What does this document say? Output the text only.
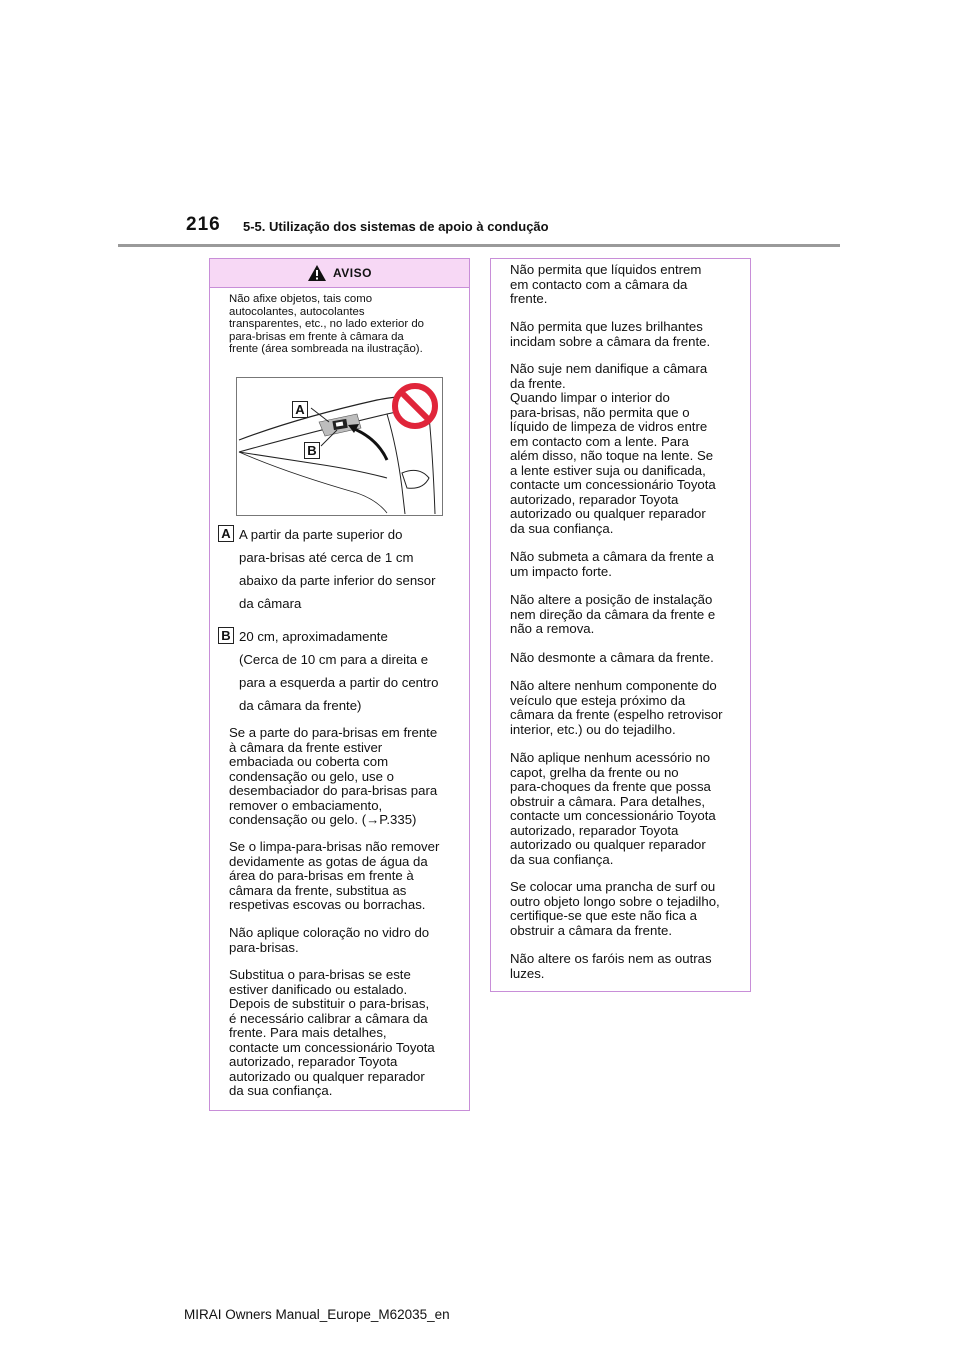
216 5-5. Utilização dos sistemas de apoio à condução
AVISO
Não afixe objetos, tais como
autocolantes, autocolantes
transparentes, etc., no lado exterior do
para-brisas em frente à câmara da
frente (área sombreada na ilustração).
A
B
A A partir da parte superior do
para-brisas até cerca de 1 cm
abaixo da parte inferior do sensor
da câmara
B 20 cm, aproximadamente
(Cerca de 10 cm para a direita e
para a esquerda a partir do centro
da câmara da frente)
Se a parte do para-brisas em frente
à câmara da frente estiver
embaciada ou coberta com
condensação ou gelo, use o
desembaciador do para-brisas para
remover o embaciamento,
condensação ou gelo. (→P.335)
Se o limpa-para-brisas não remover
devidamente as gotas de água da
área do para-brisas em frente à
câmara da frente, substitua as
respetivas escovas ou borrachas.
Não aplique coloração no vidro do
para-brisas.
Substitua o para-brisas se este
estiver danificado ou estalado.
Depois de substituir o para-brisas,
é necessário calibrar a câmara da
frente. Para mais detalhes,
contacte um concessionário Toyota
autorizado, reparador Toyota
autorizado ou qualquer reparador
da sua confiança.
Não permita que líquidos entrem
em contacto com a câmara da
frente.
Não permita que luzes brilhantes
incidam sobre a câmara da frente.
Não suje nem danifique a câmara
da frente.
Quando limpar o interior do
para-brisas, não permita que o
líquido de limpeza de vidros entre
em contacto com a lente. Para
além disso, não toque na lente. Se
a lente estiver suja ou danificada,
contacte um concessionário Toyota
autorizado, reparador Toyota
autorizado ou qualquer reparador
da sua confiança.
Não submeta a câmara da frente a
um impacto forte.
Não altere a posição de instalação
nem direção da câmara da frente e
não a remova.
Não desmonte a câmara da frente.
Não altere nenhum componente do
veículo que esteja próximo da
câmara da frente (espelho retrovisor
interior, etc.) ou do tejadilho.
Não aplique nenhum acessório no
capot, grelha da frente ou no
para-choques da frente que possa
obstruir a câmara. Para detalhes,
contacte um concessionário Toyota
autorizado, reparador Toyota
autorizado ou qualquer reparador
da sua confiança.
Se colocar uma prancha de surf ou
outro objeto longo sobre o tejadilho,
certifique-se que este não fica a
obstruir a câmara da frente.
Não altere os faróis nem as outras
luzes.
MIRAI Owners Manual_Europe_M62035_en
